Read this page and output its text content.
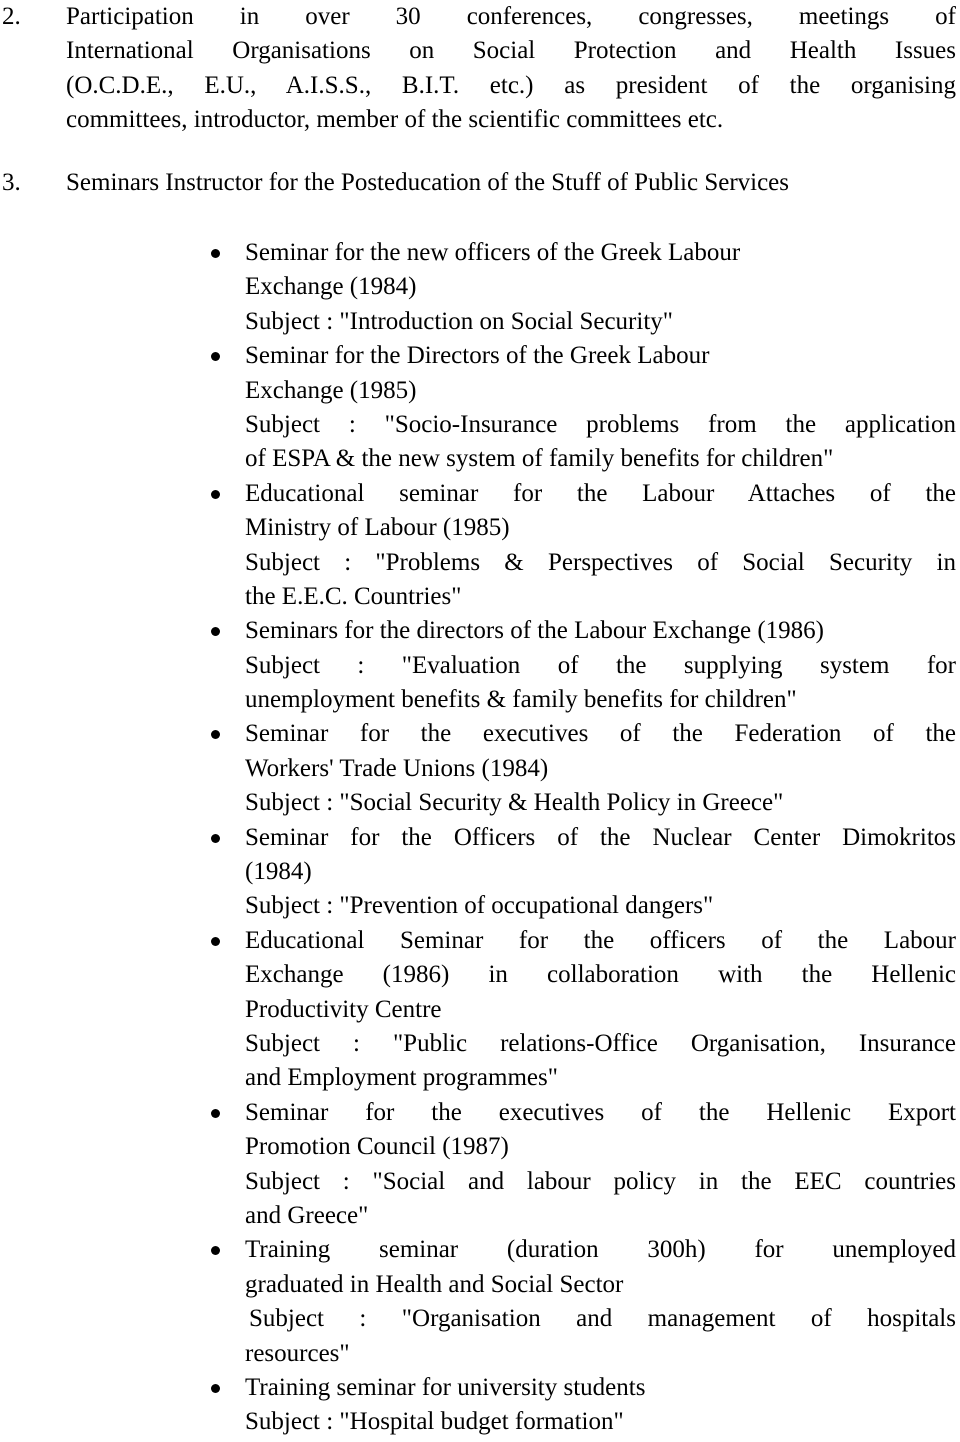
2. Participation in over 30 conferences, congresses, meetings of
International Organisations on Social Protection and Health Issues
(O.C.D.E., E.U., A.I.S.S., B.I.T. etc.) as president of the organising
committees, introductor, member of the scientific committees etc.
3. Seminars Instructor for the Posteducation of the Stuff of Public Services
Seminar for the new officers of the Greek Labour
Exchange (1984)
Subject : "Introduction on Social Security"
Seminar for the Directors of the Greek Labour
Exchange (1985)
Subject : "Socio-Insurance problems from the application
of ESPA & the new system of family benefits for children"
Educational seminar for the Labour Attaches of the
Ministry of Labour (1985)
Subject : "Problems & Perspectives of Social Security in
the E.E.C. Countries"
Seminars for the directors of the Labour Exchange (1986)
Subject : "Evaluation of the supplying system for
unemployment benefits & family benefits for children"
Seminar for the executives of the Federation of the
Workers' Trade Unions (1984)
Subject : "Social Security & Health Policy in Greece"
Seminar for the Officers of the Nuclear Center Dimokritos
(1984)
Subject : "Prevention of occupational dangers"
Educational Seminar for the officers of the Labour
Exchange (1986) in collaboration with the Hellenic
Productivity Centre
Subject : "Public relations-Office Organisation, Insurance
and Employment programmes"
Seminar for the executives of the Hellenic Export
Promotion Council (1987)
Subject : "Social and labour policy in the EEC countries
and Greece"
Training seminar (duration 300h) for unemployed
graduated in Health and Social Sector
Subject : "Organisation and management of hospitals
resources"
Training seminar for university students
Subject : "Hospital budget formation"
